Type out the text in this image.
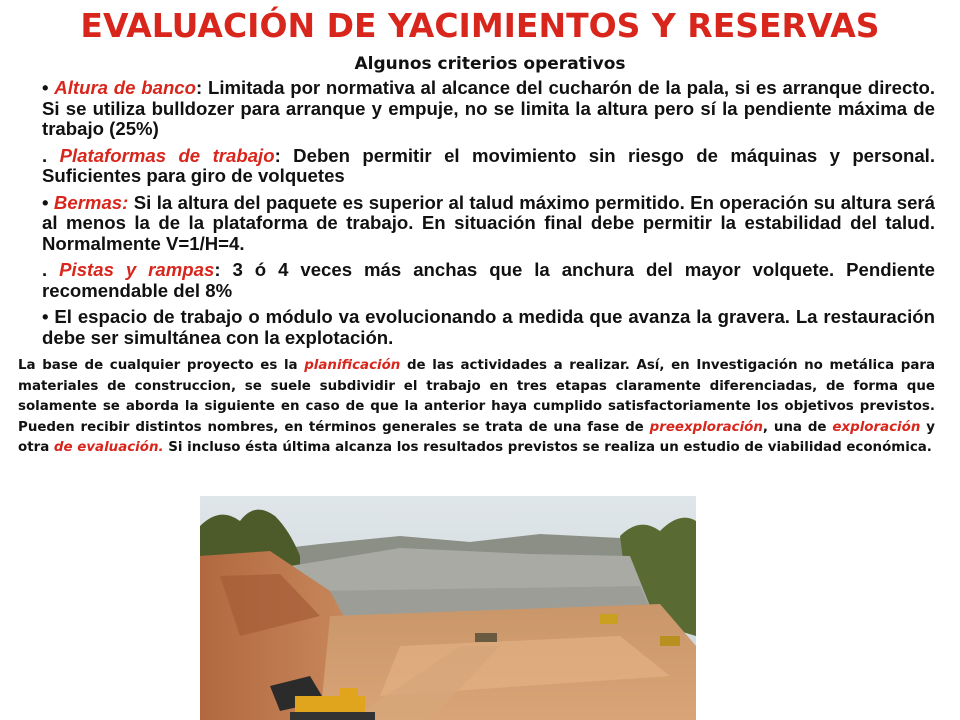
EVALUACIÓN DE YACIMIENTOS Y RESERVAS
Algunos criterios operativos
• Altura de banco: Limitada por normativa al alcance del cucharón de la pala, si es arranque directo. Si se utiliza bulldozer para arranque y empuje, no se limita la altura pero sí la pendiente máxima de trabajo (25%)
. Plataformas de trabajo: Deben permitir el movimiento sin riesgo de máquinas y personal. Suficientes para giro de volquetes
• Bermas: Si la altura del paquete es superior al talud máximo permitido. En operación su altura será al menos la de la plataforma de trabajo. En situación final debe permitir la estabilidad del talud. Normalmente V=1/H=4.
. Pistas y rampas: 3 ó 4 veces más anchas que la anchura del mayor volquete. Pendiente recomendable del 8%
• El espacio de trabajo o módulo va evolucionando a medida que avanza la gravera. La restauración debe ser simultánea con la explotación.
La base de cualquier proyecto es la planificación de las actividades a realizar. Así, en Investigación no metálica para materiales de construccion, se suele subdividir el trabajo en tres etapas claramente diferenciadas, de forma que solamente se aborda la siguiente en caso de que la anterior haya cumplido satisfactoriamente los objetivos previstos. Pueden recibir distintos nombres, en términos generales se trata de una fase de preexploración, una de exploración y otra de evaluación. Si incluso ésta última alcanza los resultados previstos se realiza un estudio de viabilidad económica.
